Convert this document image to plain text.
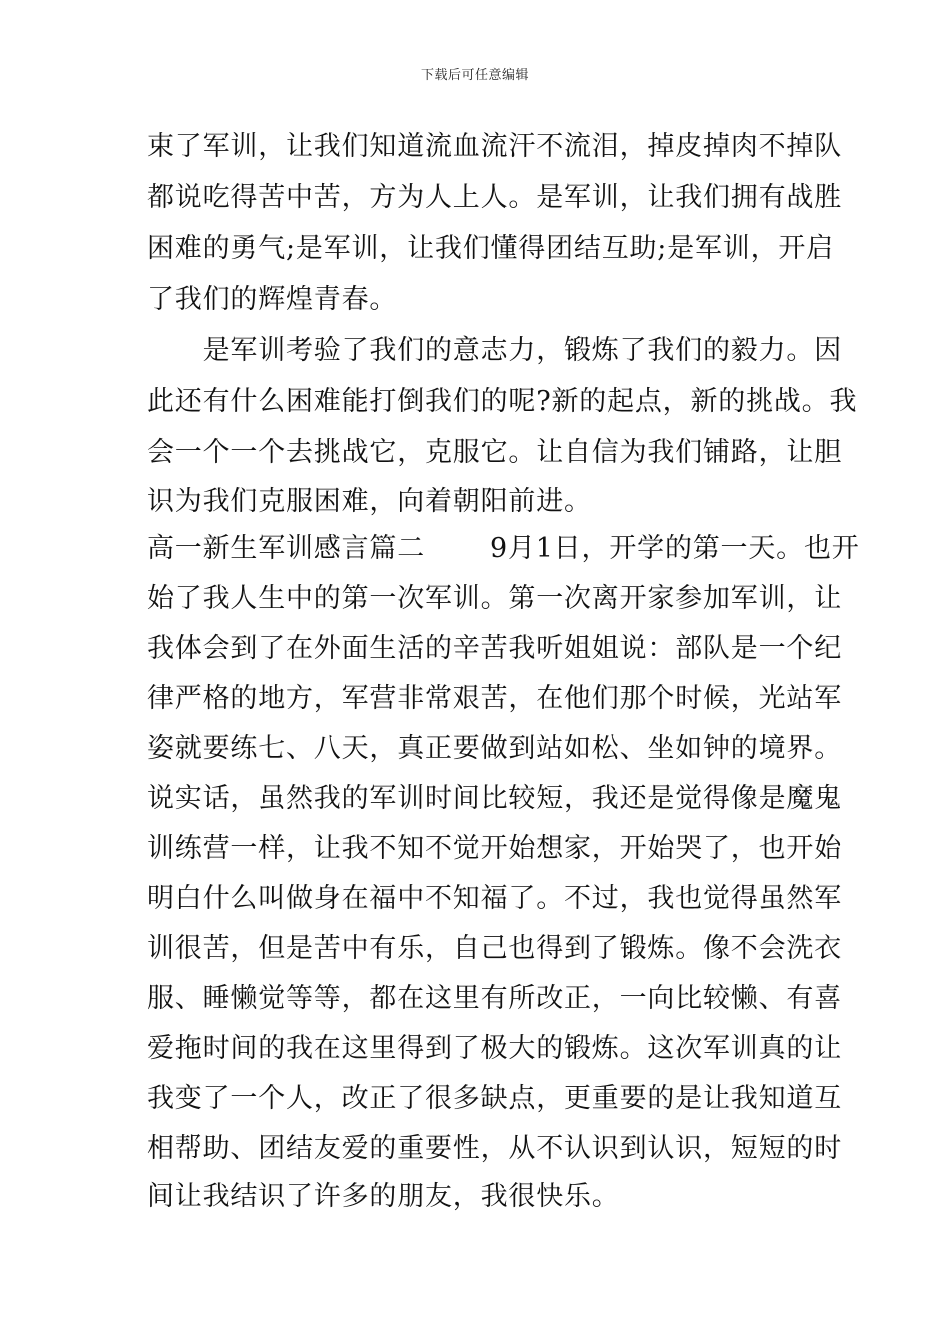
下载后可任意编辑
束了军训，让我们知道流血流汗不流泪，掉皮掉肉不掉队
都说吃得苦中苦，方为人上人。是军训，让我们拥有战胜
困难的勇气;是军训，让我们懂得团结互助;是军训，开启
了我们的辉煌青春。
　　是军训考验了我们的意志力，锻炼了我们的毅力。因
此还有什么困难能打倒我们的呢?新的起点，新的挑战。我
会一个一个去挑战它，克服它。让自信为我们铺路，让胆
识为我们克服困难，向着朝阳前进。
高一新生军训感言篇二　　 9月1日，开学的第一天。也开
始了我人生中的第一次军训。第一次离开家参加军训，让
我体会到了在外面生活的辛苦我听姐姐说：部队是一个纪
律严格的地方，军营非常艰苦，在他们那个时候，光站军
姿就要练七、八天，真正要做到站如松、坐如钟的境界。
说实话，虽然我的军训时间比较短，我还是觉得像是魔鬼
训练营一样，让我不知不觉开始想家，开始哭了，也开始
明白什么叫做身在福中不知福了。不过，我也觉得虽然军
训很苦，但是苦中有乐，自己也得到了锻炼。像不会洗衣
服、睡懒觉等等，都在这里有所改正，一向比较懒、有喜
爱拖时间的我在这里得到了极大的锻炼。这次军训真的让
我变了一个人，改正了很多缺点，更重要的是让我知道互
相帮助、团结友爱的重要性，从不认识到认识，短短的时
间让我结识了许多的朋友，我很快乐。
